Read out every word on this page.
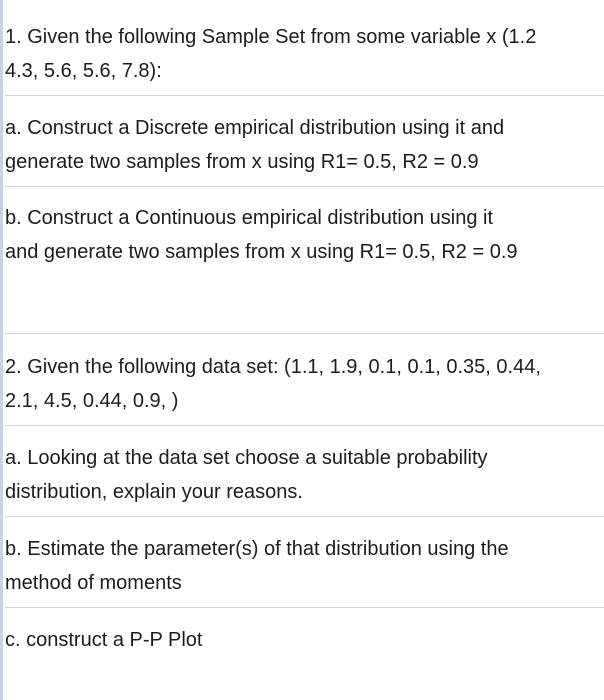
1. Given the following Sample Set from some variable x (1.2
4.3, 5.6, 5.6, 7.8):
a. Construct a Discrete empirical distribution using it and
generate two samples from x using R1= 0.5, R2 = 0.9
b. Construct a Continuous empirical distribution using it
and generate two samples from x using R1= 0.5, R2 = 0.9
2. Given the following data set: (1.1, 1.9, 0.1, 0.1, 0.35, 0.44,
2.1, 4.5, 0.44, 0.9, )
a. Looking at the data set choose a suitable probability
distribution, explain your reasons.
b. Estimate the parameter(s) of that distribution using the
method of moments
c. construct a P-P Plot
